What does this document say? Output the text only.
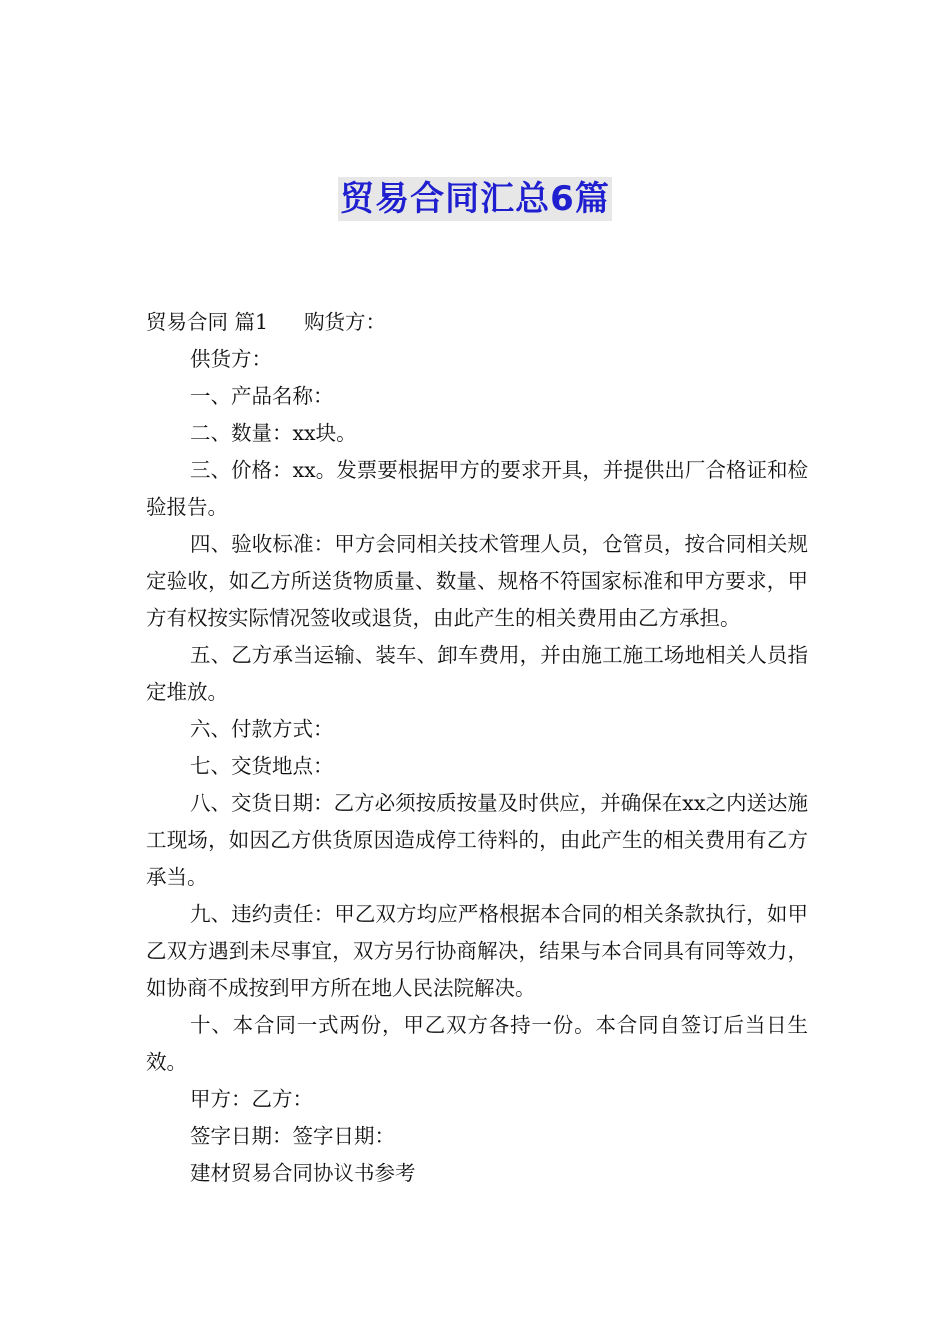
贸易合同汇总6篇

贸易合同 篇1 购货方：

供货方：

一、产品名称：

二、数量：xx块。

三、价格：xx。发票要根据甲方的要求开具，并提供出厂合格证和检验报告。

四、验收标准：甲方会同相关技术管理人员，仓管员，按合同相关规定验收，如乙方所送货物质量、数量、规格不符国家标准和甲方要求，甲方有权按实际情况签收或退货，由此产生的相关费用由乙方承担。

五、乙方承当运输、装车、卸车费用，并由施工施工场地相关人员指定堆放。

六、付款方式：

七、交货地点：

八、交货日期：乙方必须按质按量及时供应，并确保在xx之内送达施工现场，如因乙方供货原因造成停工待料的，由此产生的相关费用有乙方承当。

九、违约责任：甲乙双方均应严格根据本合同的相关条款执行，如甲乙双方遇到未尽事宜，双方另行协商解决，结果与本合同具有同等效力，如协商不成按到甲方所在地人民法院解决。

十、本合同一式两份，甲乙双方各持一份。本合同自签订后当日生效。

甲方：乙方：

签字日期：签字日期：

建材贸易合同协议书参考
